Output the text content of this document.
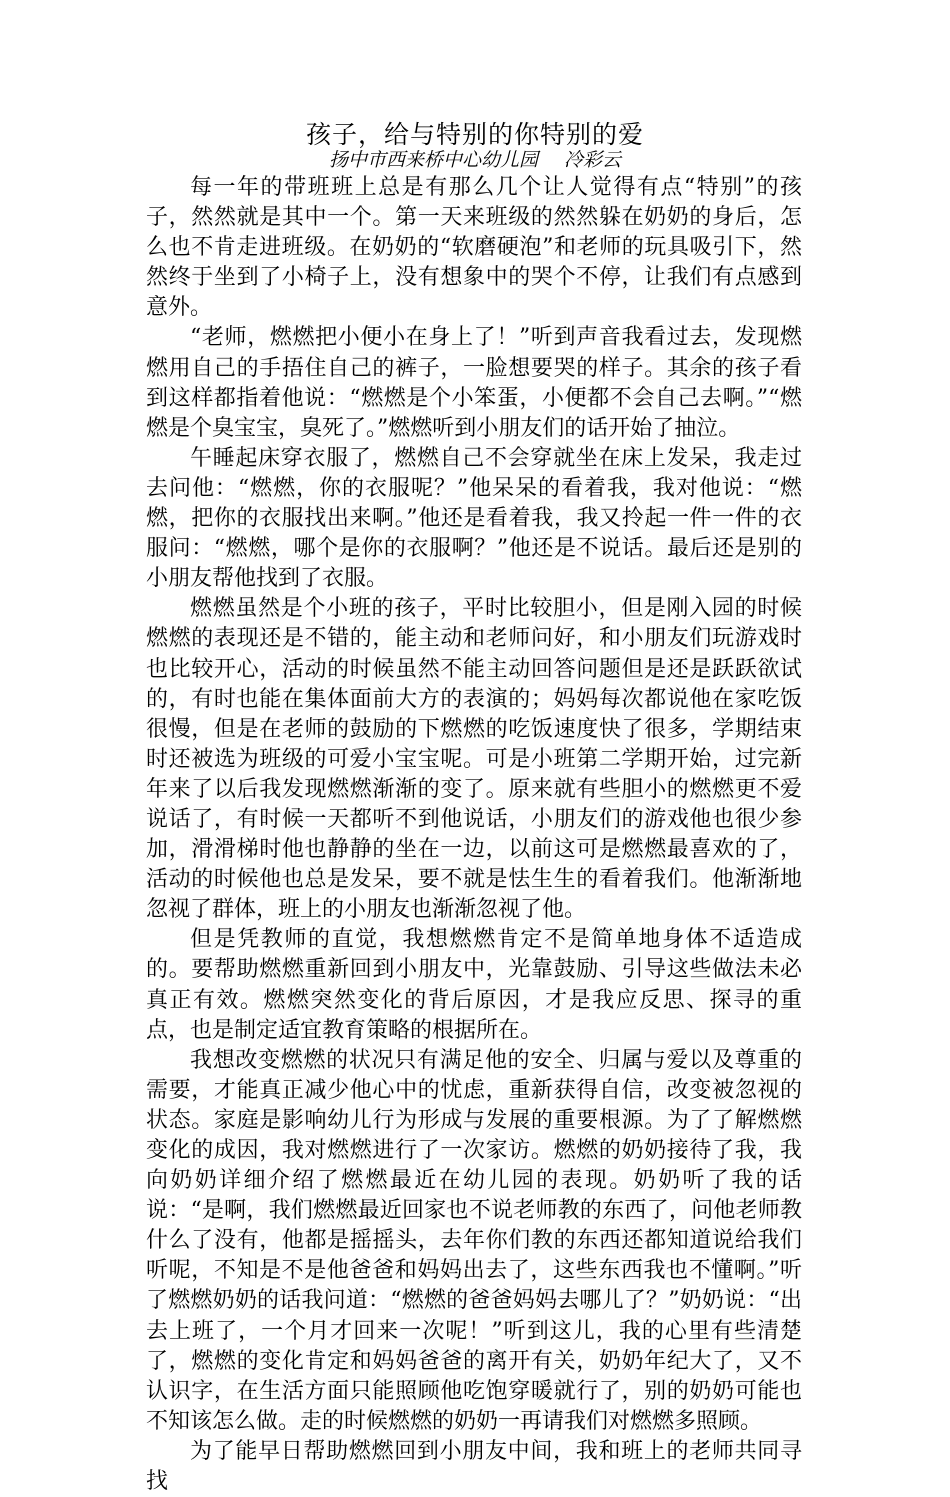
孩子，给与特别的你特别的爱
扬中市西来桥中心幼儿园 冷彩云

每一年的带班班上总是有那么几个让人觉得有点“特别”的孩子，然然就是其中一个。第一天来班级的然然躲在奶奶的身后，怎么也不肯走进班级。在奶奶的“软磨硬泡”和老师的玩具吸引下，然然终于坐到了小椅子上，没有想象中的哭个不停，让我们有点感到意外。

“老师，燃燃把小便小在身上了！”听到声音我看过去，发现燃燃用自己的手捂住自己的裤子，一脸想要哭的样子。其余的孩子看到这样都指着他说：“燃燃是个小笨蛋，小便都不会自己去啊。”“燃燃是个臭宝宝，臭死了。”燃燃听到小朋友们的话开始了抽泣。

午睡起床穿衣服了，燃燃自己不会穿就坐在床上发呆，我走过去问他：“燃燃，你的衣服呢？”他呆呆的看着我，我对他说：“燃燃，把你的衣服找出来啊。”他还是看着我，我又拎起一件一件的衣服问：“燃燃，哪个是你的衣服啊？”他还是不说话。最后还是别的小朋友帮他找到了衣服。

燃燃虽然是个小班的孩子，平时比较胆小，但是刚入园的时候燃燃的表现还是不错的，能主动和老师问好，和小朋友们玩游戏时也比较开心，活动的时候虽然不能主动回答问题但是还是跃跃欲试的，有时也能在集体面前大方的表演的；妈妈每次都说他在家吃饭很慢，但是在老师的鼓励的下燃燃的吃饭速度快了很多，学期结束时还被选为班级的可爱小宝宝呢。可是小班第二学期开始，过完新年来了以后我发现燃燃渐渐的变了。原来就有些胆小的燃燃更不爱说话了，有时候一天都听不到他说话，小朋友们的游戏他也很少参加，滑滑梯时他也静静的坐在一边，以前这可是燃燃最喜欢的了，活动的时候他也总是发呆，要不就是怯生生的看着我们。他渐渐地忽视了群体，班上的小朋友也渐渐忽视了他。

但是凭教师的直觉，我想燃燃肯定不是简单地身体不适造成的。要帮助燃燃重新回到小朋友中，光靠鼓励、引导这些做法未必真正有效。燃燃突然变化的背后原因，才是我应反思、探寻的重点，也是制定适宜教育策略的根据所在。

我想改变燃燃的状况只有满足他的安全、归属与爱以及尊重的需要，才能真正减少他心中的忧虑，重新获得自信，改变被忽视的状态。家庭是影响幼儿行为形成与发展的重要根源。为了了解燃燃变化的成因，我对燃燃进行了一次家访。燃燃的奶奶接待了我，我向奶奶详细介绍了燃燃最近在幼儿园的表现。奶奶听了我的话说：“是啊，我们燃燃最近回家也不说老师教的东西了，问他老师教什么了没有，他都是摇摇头，去年你们教的东西还都知道说给我们听呢，不知是不是他爸爸和妈妈出去了，这些东西我也不懂啊。”听了燃燃奶奶的话我问道：“燃燃的爸爸妈妈去哪儿了？”奶奶说：“出去上班了，一个月才回来一次呢！”听到这儿，我的心里有些清楚了，燃燃的变化肯定和妈妈爸爸的离开有关，奶奶年纪大了，又不认识字，在生活方面只能照顾他吃饱穿暖就行了，别的奶奶可能也不知该怎么做。走的时候燃燃的奶奶一再请我们对燃燃多照顾。

为了能早日帮助燃燃回到小朋友中间，我和班上的老师共同寻找
